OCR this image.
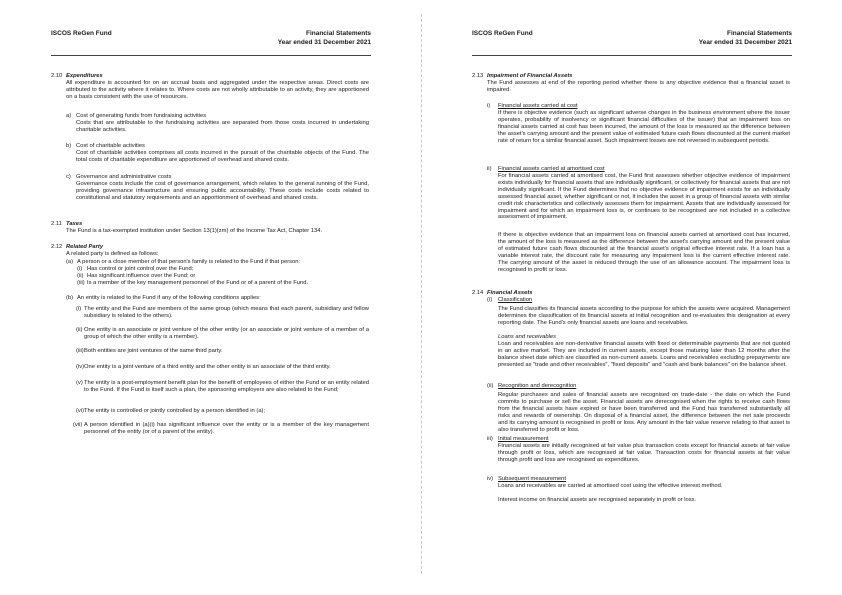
ISCOS ReGen Fund	Financial Statements
Year ended 31 December 2021
2.10 Expenditures
All expenditure is accounted for on an accrual basis and aggregated under the respective areas. Direct costs are attributed to the activity where it relates to. Where costs are not wholly attributable to an activity, they are apportioned on a basis consistent with the use of resources.
a) Cost of generating funds from fundraising activities
Costs that are attributable to the fundraising activities are separated from those costs incurred in undertaking charitable activities.
b) Cost of charitable activities
Cost of charitable activities comprises all costs incurred in the pursuit of the charitable objects of the Fund. The total costs of charitable expenditure are apportioned of overhead and shared costs.
c) Governance and administrative costs
Governance costs include the cost of governance arrangement, which relates to the general running of the Fund, providing governance infrastructure and ensuring public accountability. These costs include costs related to constitutional and statutory requirements and an apportionment of overhead and shared costs.
2.11 Taxes
The Fund is a tax-exempted institution under Section 13(1)(zm) of the Income Tax Act, Chapter 134.
2.12 Related Party
A related party is defined as follows:
(a) A person or a close member of that person's family is related to the Fund if that person:
(i) Has control or joint control over the Fund;
(ii) Has significant influence over the Fund; or
(iii) Is a member of the key management personnel of the Fund or of a parent of the Fund.
(b) An entity is related to the Fund if any of the following conditions applies:
(i) The entity and the Fund are members of the same group (which means that each parent, subsidiary and fellow subsidiary is related to the others).
(ii) One entity is an associate or joint venture of the other entity (or an associate or joint venture of a member of a group of which the other entity is a member).
(iii) Both entities are joint ventures of the same third party.
(iv) One entity is a joint venture of a third entity and the other entity is an associate of the third entity.
(v) The entity is a post-employment benefit plan for the benefit of employees of either the Fund or an entity related to the Fund. If the Fund is itself such a plan, the sponsoring employers are also related to the Fund;
(vi) The entity is controlled or jointly controlled by a person identified in (a);
(vii) A person identified in (a)(i) has significant influence over the entity or is a member of the key management personnel of the entity (or of a parent of the entity).
ISCOS ReGen Fund	Financial Statements
Year ended 31 December 2021
2.13 Impairment of Financial Assets
The Fund assesses at end of the reporting period whether there is any objective evidence that a financial asset is impaired.
i) Financial assets carried at cost
If there is objective evidence (such as significant adverse changes in the business environment where the issuer operates, probability of insolvency or significant financial difficulties of the issuer) that an impairment loss on financial assets carried at cost has been incurred, the amount of the loss is measured as the difference between the asset's carrying amount and the present value of estimated future cash flows discounted at the current market rate of return for a similar financial asset. Such impairment losses are not reversed in subsequent periods.
ii) Financial assets carried at amortised cost
For financial assets carried at amortised cost, the Fund first assesses whether objective evidence of impairment exists individually for financial assets that are individually significant, or collectively for financial assets that are not individually significant. If the Fund determines that no objective evidence of impairment exists for an individually assessed financial asset, whether significant or not, it includes the asset in a group of financial assets with similar credit risk characteristics and collectively assesses them for impairment. Assets that are individually assessed for impairment and for which an impairment loss is, or continues to be recognised are not included in a collective assessment of impairment.
If there is objective evidence that an impairment loss on financial assets carried at amortised cost has incurred, the amount of the loss is measured as the difference between the asset's carrying amount and the present value of estimated future cash flows discounted at the financial asset's original effective interest rate. If a loan has a variable interest rate, the discount rate for measuring any impairment loss is the current effective interest rate. The carrying amount of the asset is reduced through the use of an allowance account. The impairment loss is recognised in profit or loss.
2.14 Financial Assets
(i) Classification
The Fund classifies its financial assets according to the purpose for which the assets were acquired. Management determines the classification of its financial assets at initial recognition and re-evaluates this designation at every reporting date. The Fund's only financial assets are loans and receivables.
Loans and receivables
Loan and receivables are non-derivative financial assets with fixed or determinable payments that are not quoted in an active market. They are included in current assets, except those maturing later than 12 months after the balance sheet date which are classified as non-current assets. Loans and receivables excluding prepayments are presented as "trade and other receivables", "fixed deposits" and "cash and bank balances" on the balance sheet.
(ii) Recognition and derecognition
Regular purchases and sales of financial assets are recognised on trade-date - the date on which the Fund commits to purchase or sell the asset. Financial assets are derecognised when the rights to receive cash flows from the financial assets have expired or have been transferred and the Fund has transferred substantially all risks and rewards of ownership. On disposal of a financial asset, the difference between the net sale proceeds and its carrying amount is recognised in profit or loss. Any amount in the fair value reserve relating to that asset is also transferred to profit or loss.
iii) Initial measurement
Financial assets are initially recognised at fair value plus transaction costs except for financial assets at fair value through profit or loss, which are recognised at fair value. Transaction costs for financial assets at fair value through profit and loss are recognised as expenditures.
iv) Subsequent measurement
Loans and receivables are carried at amortised cost using the effective interest method.
Interest income on financial assets are recognised separately in profit or loss.
